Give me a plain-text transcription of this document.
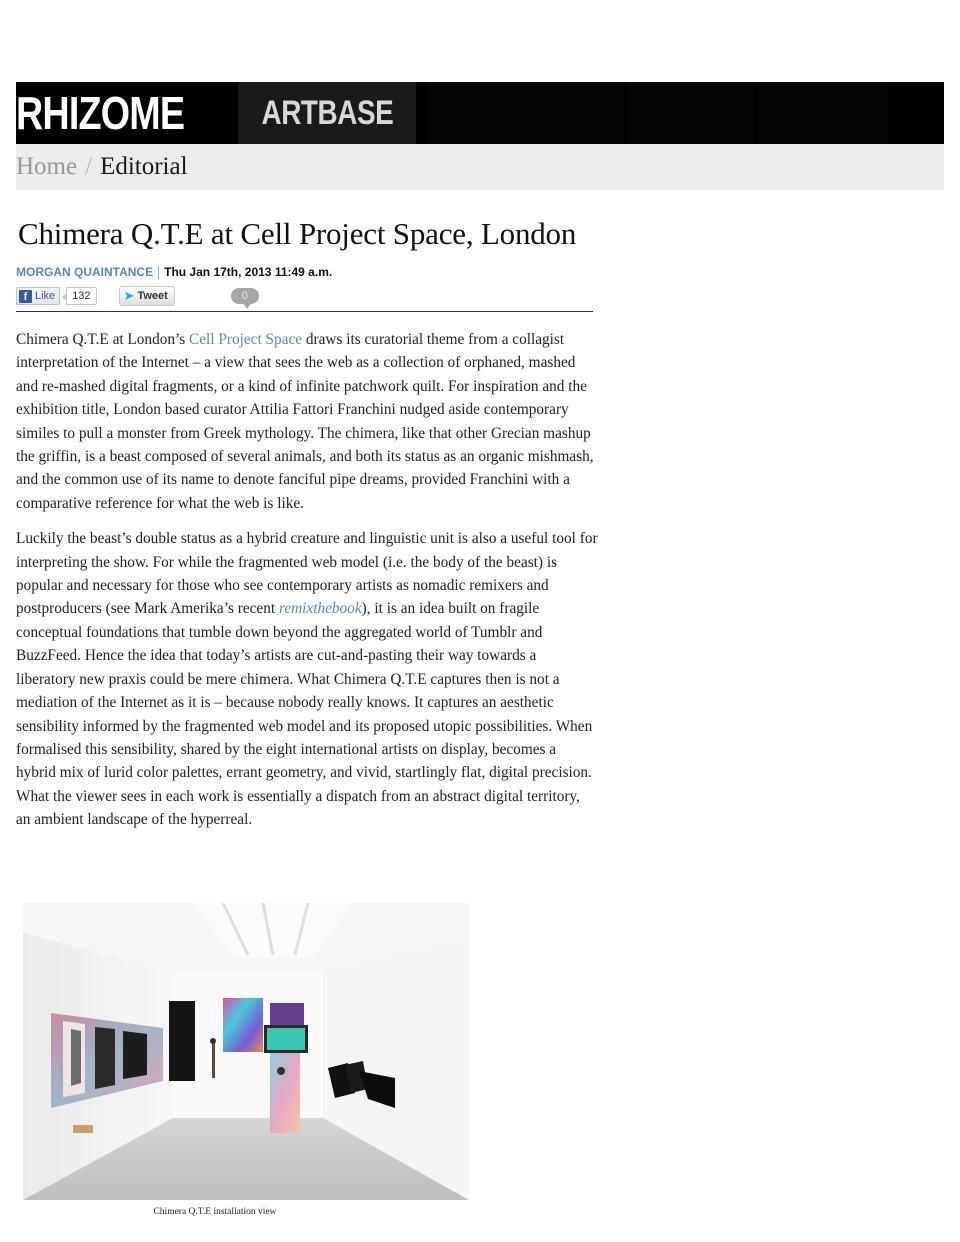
RHIZOME ARTBASE
Home / Editorial
Chimera Q.T.E at Cell Project Space, London
MORGAN QUAINTANCE Thu Jan 17th, 2013 11:49 a.m.
f Like	132	➤ Tweet	0

Chimera Q.T.E at London’s Cell Project Space draws its curatorial theme from a collagist interpretation of the Internet – a view that sees the web as a collection of orphaned, mashed and re-mashed digital fragments, or a kind of infinite patchwork quilt. For inspiration and the exhibition title, London based curator Attilia Fattori Franchini nudged aside contemporary similes to pull a monster from Greek mythology. The chimera, like that other Grecian mashup the griffin, is a beast composed of several animals, and both its status as an organic mishmash, and the common use of its name to denote fanciful pipe dreams, provided Franchini with a comparative reference for what the web is like.

Luckily the beast’s double status as a hybrid creature and linguistic unit is also a useful tool for interpreting the show. For while the fragmented web model (i.e. the body of the beast) is popular and necessary for those who see contemporary artists as nomadic remixers and postproducers (see Mark Amerika’s recent remixthebook), it is an idea built on fragile conceptual foundations that tumble down beyond the aggregated world of Tumblr and BuzzFeed. Hence the idea that today’s artists are cut-and-pasting their way towards a liberatory new praxis could be mere chimera. What Chimera Q.T.E captures then is not a mediation of the Internet as it is – because nobody really knows. It captures an aesthetic sensibility informed by the fragmented web model and its proposed utopic possibilities. When formalised this sensibility, shared by the eight international artists on display, becomes a hybrid mix of lurid color palettes, errant geometry, and vivid, startlingly flat, digital precision. What the viewer sees in each work is essentially a dispatch from an abstract digital territory, an ambient landscape of the hyperreal.

Chimera Q.T.E installation view
